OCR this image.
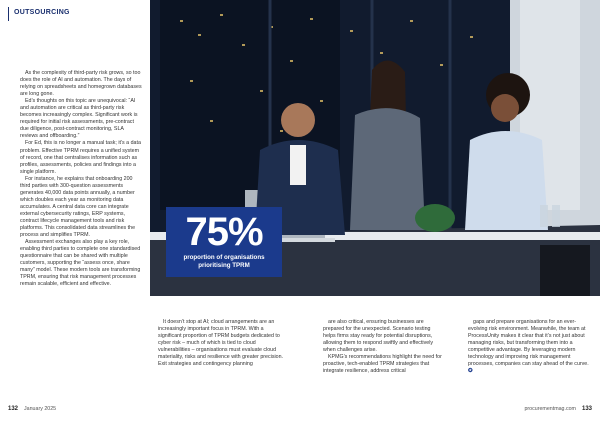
OUTSOURCING

As the complexity of third-party risk grows, so too does the role of AI and automation. The days of relying on spreadsheets and homegrown databases are long gone.

Ed’s thoughts on this topic are unequivocal: “AI and automation are critical as third-party risk becomes increasingly complex. Significant work is required for initial risk assessments, pre-contract due diligence, post-contract monitoring, SLA reviews and offboarding.”

For Ed, this is no longer a manual task; it’s a data problem. Effective TPRM requires a unified system of record, one that centralises information such as profiles, assessments, policies and findings into a single platform.

For instance, he explains that onboarding 200 third parties with 300-question assessments generates 40,000 data points annually, a number which doubles each year as monitoring data accumulates. A central data core can integrate external cybersecurity ratings, ERP systems, contract lifecycle management tools and risk platforms. This consolidated data streamlines the process and simplifies TPRM.

Assessment exchanges also play a key role, enabling third parties to complete one standardised questionnaire that can be shared with multiple customers, supporting the “assess once, share many” model. These modern tools are transforming TPRM, ensuring that risk management processes remain scalable, efficient and effective.

75%
proportion of organisations prioritising TPRM

It doesn’t stop at AI; cloud arrangements are an increasingly important focus in TPRM. With a significant proportion of TPRM budgets dedicated to cyber risk – much of which is tied to cloud vulnerabilities – organisations must evaluate cloud materiality, risks and resilience with greater precision. Exit strategies and contingency planning

are also critical, ensuring businesses are prepared for the unexpected. Scenario testing helps firms stay ready for potential disruptions, allowing them to respond swiftly and effectively when challenges arise.

KPMG’s recommendations highlight the need for proactive, tech-enabled TPRM strategies that integrate resilience, address critical

gaps and prepare organisations for an ever-evolving risk environment. Meanwhile, the team at ProcessUnity makes it clear that it’s not just about managing risks, but transforming them into a competitive advantage. By leveraging modern technology and improving risk management processes, companies can stay ahead of the curve. ✪

132 January 2025	procurementmag.com 133
